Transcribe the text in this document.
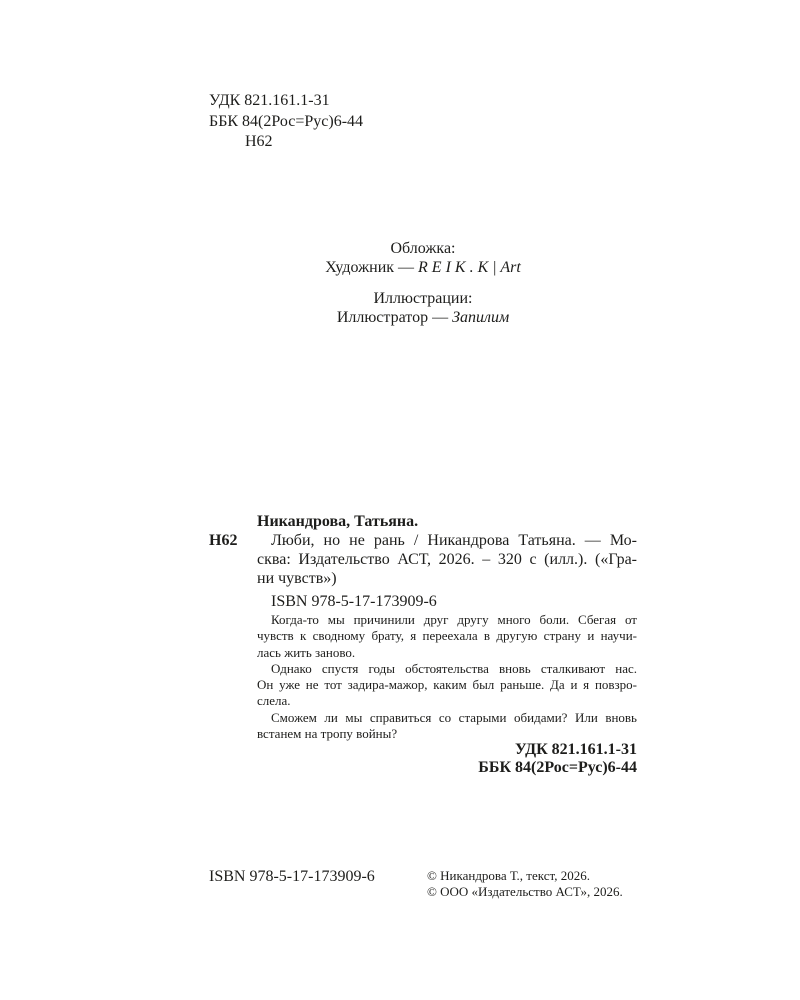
УДК 821.161.1-31
ББК 84(2Рос=Рус)6-44
Н62
Обложка:
Художник — R E I K . K | Art
Иллюстрации:
Иллюстратор — Запилим
Н62
Никандрова, Татьяна.
Люби, но не рань / Никандрова Татьяна. — Мо-
сква: Издательство АСТ, 2026. – 320 с (илл.). («Гра-
ни чувств»)
ISBN 978-5-17-173909-6
Когда-то мы причинили друг другу много боли. Сбегая от
чувств к сводному брату, я переехала в другую страну и научи-
лась жить заново.
Однако спустя годы обстоятельства вновь сталкивают нас.
Он уже не тот задира-мажор, каким был раньше. Да и я повзро-
слела.
Сможем ли мы справиться со старыми обидами? Или вновь
встанем на тропу войны?
УДК 821.161.1-31
ББК 84(2Рос=Рус)6-44
ISBN 978-5-17-173909-6	© Никандрова Т., текст, 2026.
© ООО «Издательство АСТ», 2026.
